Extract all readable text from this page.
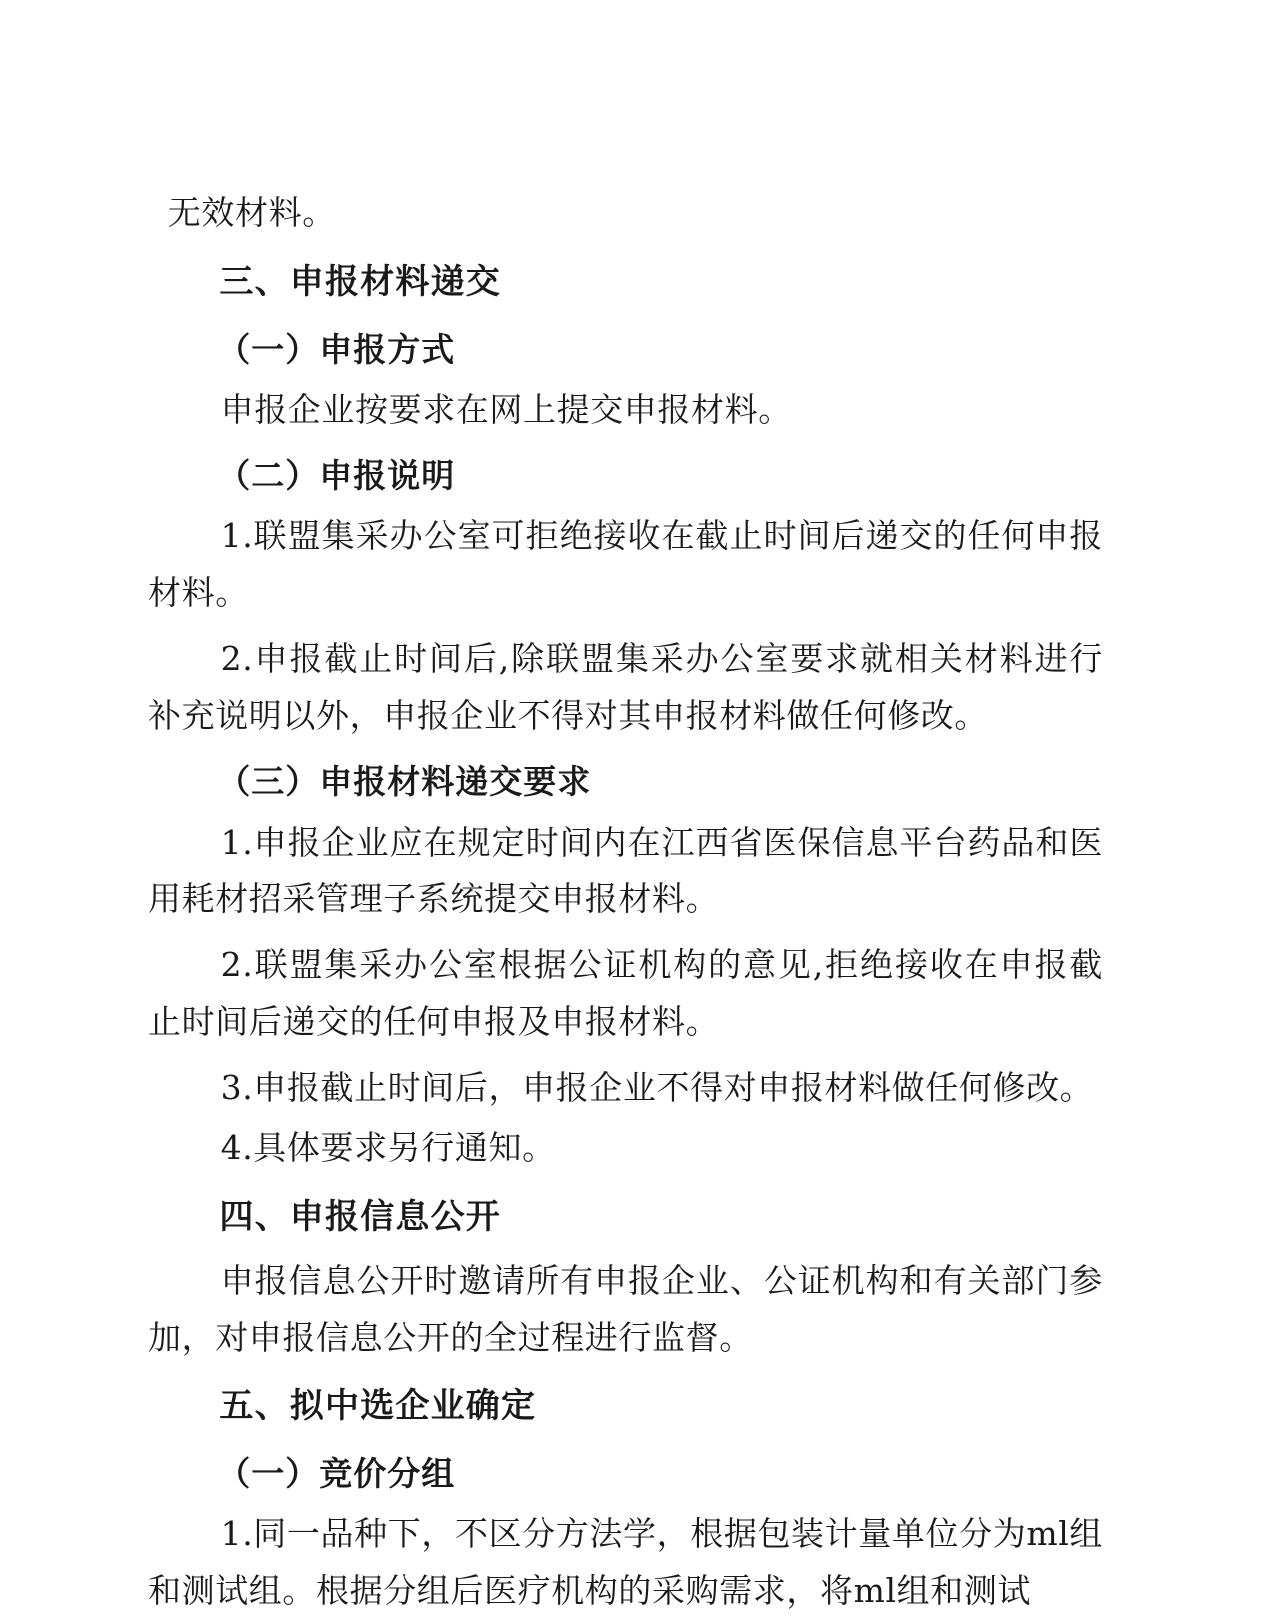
无效材料。

三、申报材料递交

（一）申报方式

申报企业按要求在网上提交申报材料。

（二）申报说明

1.联盟集采办公室可拒绝接收在截止时间后递交的任何申报材料。

2.申报截止时间后,除联盟集采办公室要求就相关材料进行补充说明以外，申报企业不得对其申报材料做任何修改。

（三）申报材料递交要求

1.申报企业应在规定时间内在江西省医保信息平台药品和医用耗材招采管理子系统提交申报材料。

2.联盟集采办公室根据公证机构的意见,拒绝接收在申报截止时间后递交的任何申报及申报材料。

3.申报截止时间后，申报企业不得对申报材料做任何修改。

4.具体要求另行通知。

四、申报信息公开

申报信息公开时邀请所有申报企业、公证机构和有关部门参加，对申报信息公开的全过程进行监督。

五、拟中选企业确定

（一）竞价分组

1.同一品种下，不区分方法学，根据包装计量单位分为ml组和测试组。根据分组后医疗机构的采购需求，将ml组和测试
